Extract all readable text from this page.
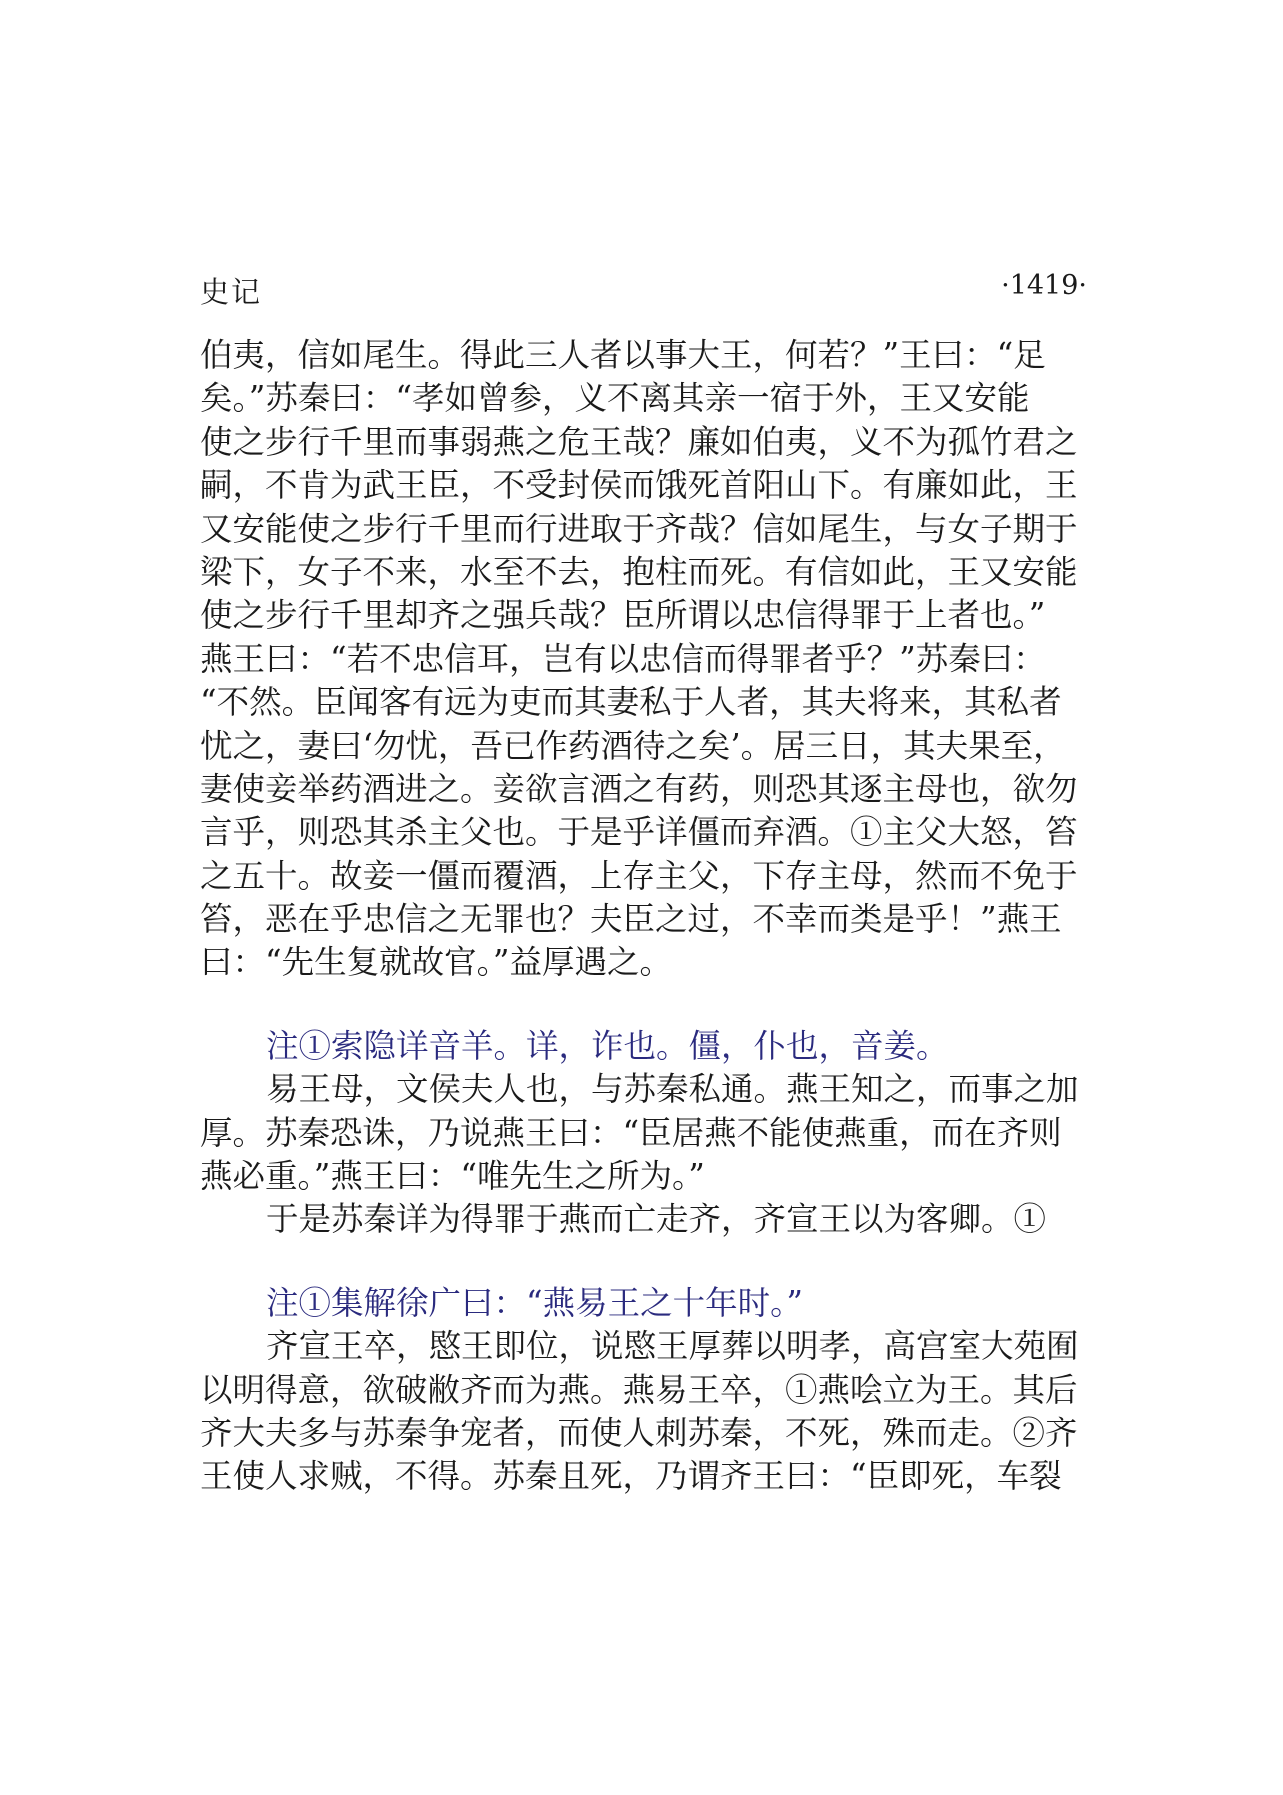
史记	·1419·
伯夷，信如尾生。得此三人者以事大王，何若？”王曰：“足
矣。”苏秦曰：“孝如曾参，义不离其亲一宿于外，王又安能
使之步行千里而事弱燕之危王哉？廉如伯夷，义不为孤竹君之
嗣，不肯为武王臣，不受封侯而饿死首阳山下。有廉如此，王
又安能使之步行千里而行进取于齐哉？信如尾生，与女子期于
梁下，女子不来，水至不去，抱柱而死。有信如此，王又安能
使之步行千里却齐之强兵哉？臣所谓以忠信得罪于上者也。”
燕王曰：“若不忠信耳，岂有以忠信而得罪者乎？”苏秦曰：
“不然。臣闻客有远为吏而其妻私于人者，其夫将来，其私者
忧之，妻曰‘勿忧，吾已作药酒待之矣’。居三日，其夫果至，
妻使妾举药酒进之。妾欲言酒之有药，则恐其逐主母也，欲勿
言乎，则恐其杀主父也。于是乎详僵而弃酒。①主父大怒，笞
之五十。故妾一僵而覆酒，上存主父，下存主母，然而不免于
笞，恶在乎忠信之无罪也？夫臣之过，不幸而类是乎！”燕王
曰：“先生复就故官。”益厚遇之。

注①索隐详音羊。详，诈也。僵，仆也，音姜。

易王母，文侯夫人也，与苏秦私通。燕王知之，而事之加
厚。苏秦恐诛，乃说燕王曰：“臣居燕不能使燕重，而在齐则
燕必重。”燕王曰：“唯先生之所为。”
于是苏秦详为得罪于燕而亡走齐，齐宣王以为客卿。①

注①集解徐广曰：“燕易王之十年时。”

齐宣王卒，愍王即位，说愍王厚葬以明孝，高宫室大苑囿
以明得意，欲破敝齐而为燕。燕易王卒，①燕哙立为王。其后
齐大夫多与苏秦争宠者，而使人刺苏秦，不死，殊而走。②齐
王使人求贼，不得。苏秦且死，乃谓齐王曰：“臣即死，车裂
